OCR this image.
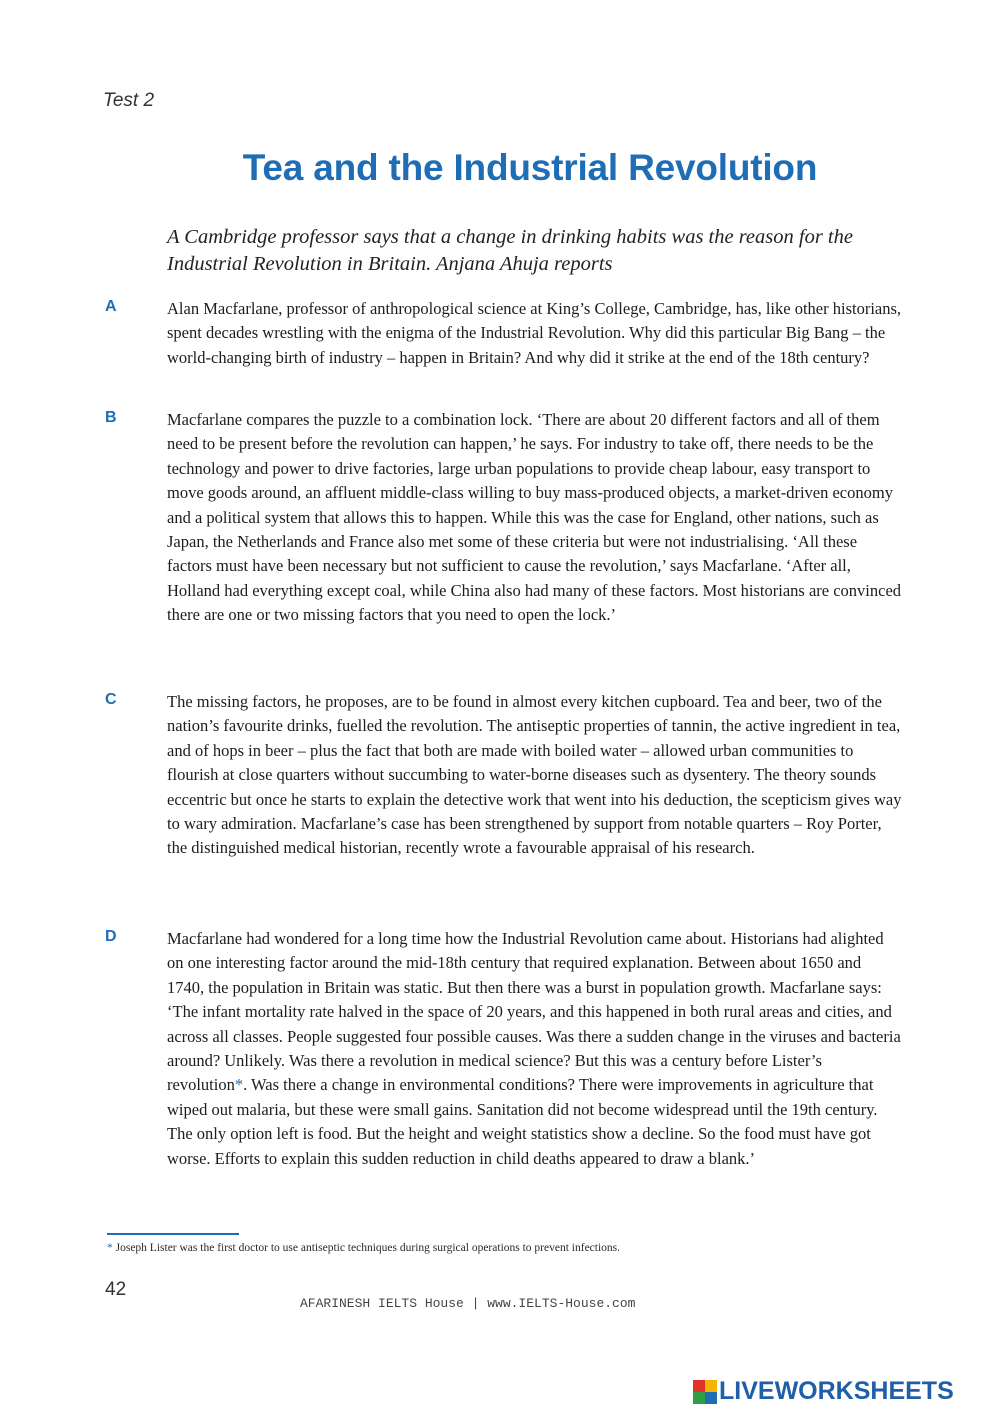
Test 2
Tea and the Industrial Revolution
A Cambridge professor says that a change in drinking habits was the reason for the Industrial Revolution in Britain. Anjana Ahuja reports
A	Alan Macfarlane, professor of anthropological science at King’s College, Cambridge, has, like other historians, spent decades wrestling with the enigma of the Industrial Revolution. Why did this particular Big Bang – the world-changing birth of industry – happen in Britain? And why did it strike at the end of the 18th century?
B	Macfarlane compares the puzzle to a combination lock. ‘There are about 20 different factors and all of them need to be present before the revolution can happen,’ he says. For industry to take off, there needs to be the technology and power to drive factories, large urban populations to provide cheap labour, easy transport to move goods around, an affluent middle-class willing to buy mass-produced objects, a market-driven economy and a political system that allows this to happen. While this was the case for England, other nations, such as Japan, the Netherlands and France also met some of these criteria but were not industrialising. ‘All these factors must have been necessary but not sufficient to cause the revolution,’ says Macfarlane. ‘After all, Holland had everything except coal, while China also had many of these factors. Most historians are convinced there are one or two missing factors that you need to open the lock.’
C	The missing factors, he proposes, are to be found in almost every kitchen cupboard. Tea and beer, two of the nation’s favourite drinks, fuelled the revolution. The antiseptic properties of tannin, the active ingredient in tea, and of hops in beer – plus the fact that both are made with boiled water – allowed urban communities to flourish at close quarters without succumbing to water-borne diseases such as dysentery. The theory sounds eccentric but once he starts to explain the detective work that went into his deduction, the scepticism gives way to wary admiration. Macfarlane’s case has been strengthened by support from notable quarters – Roy Porter, the distinguished medical historian, recently wrote a favourable appraisal of his research.
D	Macfarlane had wondered for a long time how the Industrial Revolution came about. Historians had alighted on one interesting factor around the mid-18th century that required explanation. Between about 1650 and 1740, the population in Britain was static. But then there was a burst in population growth. Macfarlane says: ‘The infant mortality rate halved in the space of 20 years, and this happened in both rural areas and cities, and across all classes. People suggested four possible causes. Was there a sudden change in the viruses and bacteria around? Unlikely. Was there a revolution in medical science? But this was a century before Lister’s revolution*. Was there a change in environmental conditions? There were improvements in agriculture that wiped out malaria, but these were small gains. Sanitation did not become widespread until the 19th century. The only option left is food. But the height and weight statistics show a decline. So the food must have got worse. Efforts to explain this sudden reduction in child deaths appeared to draw a blank.’
* Joseph Lister was the first doctor to use antiseptic techniques during surgical operations to prevent infections.
42
AFARINESH IELTS House | www.IELTS-House.com
LIVEWORKSHEETS
